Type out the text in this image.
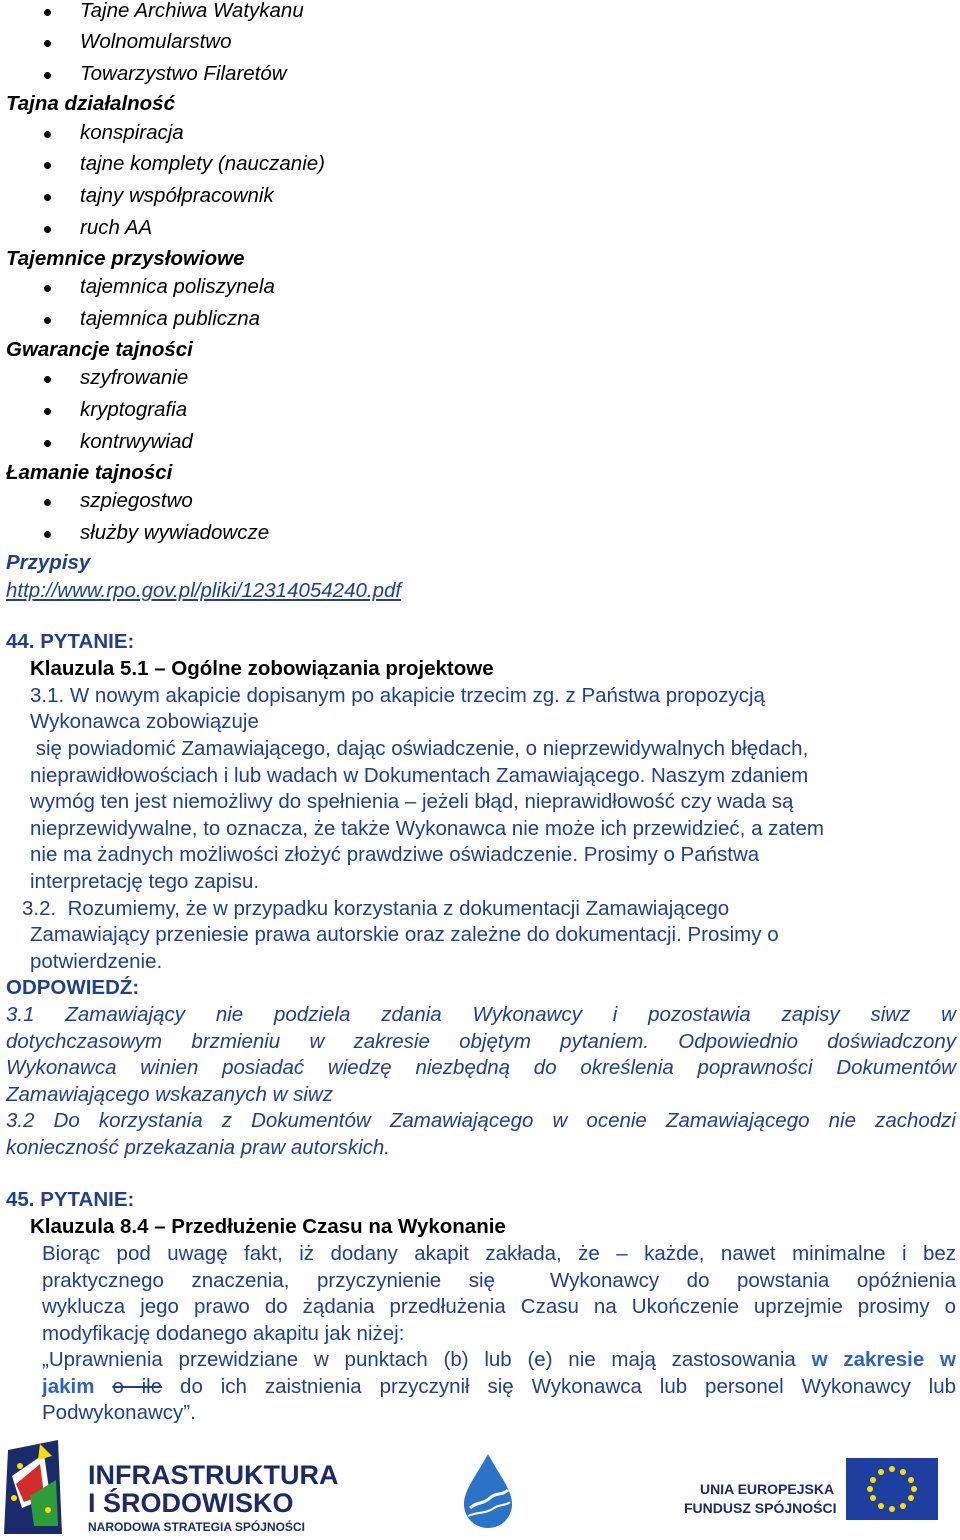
Tajne Archiwa Watykanu
Wolnomularstwo
Towarzystwo Filaretów
Tajna działalność
konspiracja
tajne komplety (nauczanie)
tajny współpracownik
ruch AA
Tajemnice przysłowiowe
tajemnica poliszynela
tajemnica publiczna
Gwarancje tajności
szyfrowanie
kryptografia
kontrwywiad
Łamanie tajności
szpiegostwo
służby wywiadowcze
Przypisy
http://www.rpo.gov.pl/pliki/12314054240.pdf
44. PYTANIE:
Klauzula 5.1 – Ogólne zobowiązania projektowe
3.1. W nowym akapicie dopisanym po akapicie trzecim zg. z Państwa propozycją
Wykonawca zobowiązuje
się powiadomić Zamawiającego, dając oświadczenie, o nieprzewidywalnych błędach,
nieprawidłowościach i lub wadach w Dokumentach Zamawiającego. Naszym zdaniem
wymóg ten jest niemożliwy do spełnienia – jeżeli błąd, nieprawidłowość czy wada są
nieprzewidywalne, to oznacza, że także Wykonawca nie może ich przewidzieć, a zatem
nie ma żadnych możliwości złożyć prawdziwe oświadczenie. Prosimy o Państwa
interpretację tego zapisu.
3.2.  Rozumiemy, że w przypadku korzystania z dokumentacji Zamawiającego
Zamawiający przeniesie prawa autorskie oraz zależne do dokumentacji. Prosimy o
potwierdzenie.
ODPOWIEDŹ:
3.1 Zamawiający nie podziela zdania Wykonawcy i pozostawia zapisy siwz w
dotychczasowym brzmieniu w zakresie objętym pytaniem. Odpowiednio doświadczony
Wykonawca winien posiadać wiedzę niezbędną do określenia poprawności Dokumentów
Zamawiającego wskazanych w siwz
3.2 Do korzystania z Dokumentów Zamawiającego w ocenie Zamawiającego nie zachodzi
konieczność przekazania praw autorskich.
45. PYTANIE:
Klauzula 8.4 – Przedłużenie Czasu na Wykonanie
Biorąc pod uwagę fakt, iż dodany akapit zakłada, że – każde, nawet minimalne i bez
praktycznego znaczenia, przyczynienie się  Wykonawcy do powstania opóźnienia
wyklucza jego prawo do żądania przedłużenia Czasu na Ukończenie uprzejmie prosimy o
modyfikację dodanego akapitu jak niżej:
„Uprawnienia przewidziane w punktach (b) lub (e) nie mają zastosowania w zakresie w
jakim o ile do ich zaistnienia przyczynił się Wykonawca lub personel Wykonawcy lub
Podwykonawcy”.
INFRASTRUKTURA
I ŚRODOWISKO
NARODOWA STRATEGIA SPÓJNOŚCI
UNIA EUROPEJSKA
FUNDUSZ SPÓJNOŚCI
